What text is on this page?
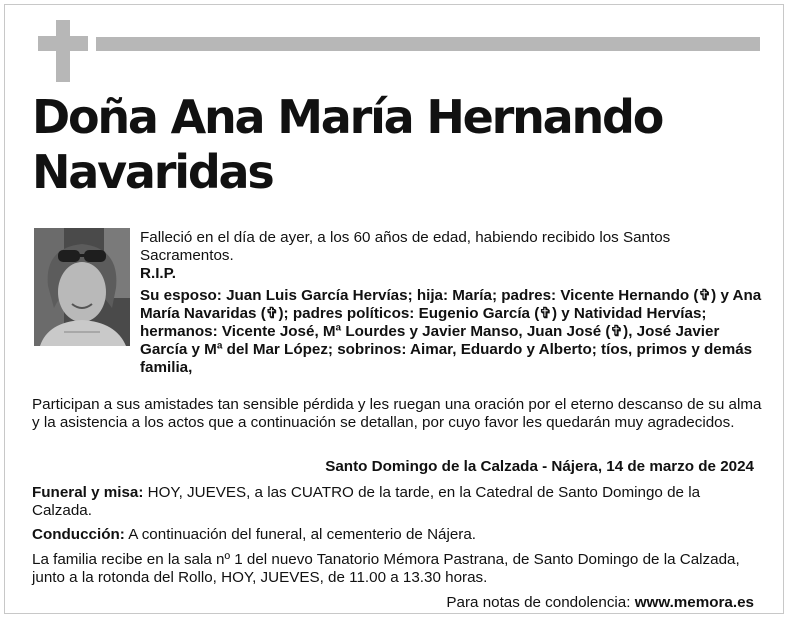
Doña Ana María Hernando Navaridas

Falleció en el día de ayer, a los 60 años de edad, habiendo recibido los Santos Sacramentos.

R.I.P.

Su esposo: Juan Luis García Hervías; hija: María; padres: Vicente Hernando (✞) y Ana María Navaridas (✞); padres políticos: Eugenio García (✞) y Natividad Hervías; hermanos: Vicente José, Mª Lourdes y Javier Manso, Juan José (✞), José Javier García y Mª del Mar López; sobrinos: Aimar, Eduardo y Alberto; tíos, primos y demás familia,

Participan a sus amistades tan sensible pérdida y les ruegan una oración por el eterno descanso de su alma y la asistencia a los actos que a continuación se detallan, por cuyo favor les quedarán muy agradecidos.

Santo Domingo de la Calzada - Nájera, 14 de marzo de 2024

Funeral y misa: HOY, JUEVES, a las CUATRO de la tarde, en la Catedral de Santo Domingo de la Calzada.

Conducción: A continuación del funeral, al cementerio de Nájera.

La familia recibe en la sala nº 1 del nuevo Tanatorio Mémora Pastrana, de Santo Domingo de la Calzada, junto a la rotonda del Rollo, HOY, JUEVES, de 11.00 a 13.30 horas.

Para notas de condolencia: www.memora.es
